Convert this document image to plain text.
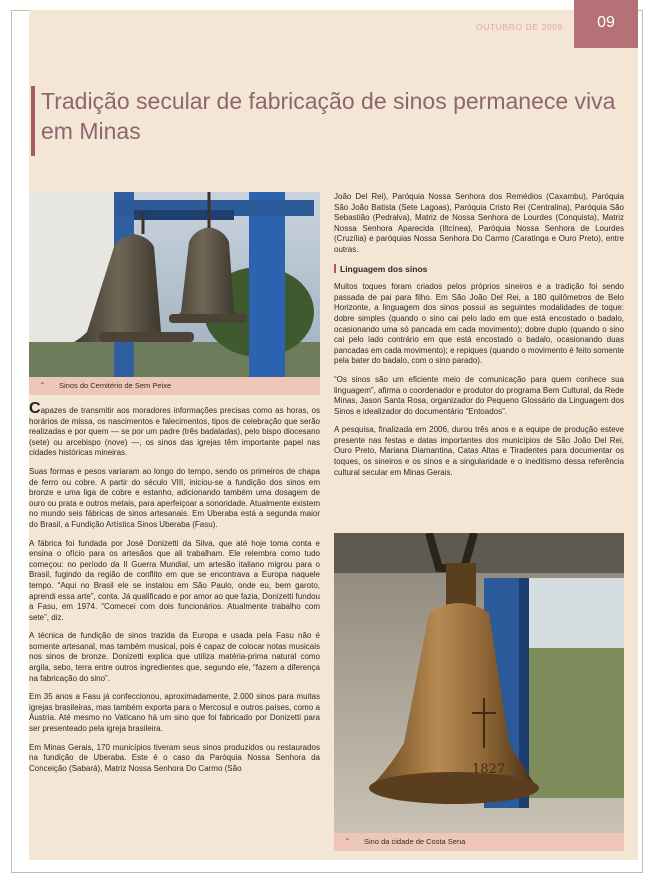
OUTUBRO DE 2009	09
Tradição secular de fabricação de sinos permanece viva em Minas
⌃ Sinos do Cemitério de Sem Peixe

Capazes de transmitir aos moradores informações precisas como as horas, os horários de missa, os nascimentos e falecimentos, tipos de celebração que serão realizadas e por quem — se por um padre (três badaladas), pelo bispo diocesano (sete) ou arcebispo (nove) —, os sinos das igrejas têm importante papel nas cidades históricas mineiras.

Suas formas e pesos variaram ao longo do tempo, sendo os primeiros de chapa de ferro ou cobre. A partir do século VIII, iniciou-se a fundição dos sinos em bronze e uma liga de cobre e estanho, adicionando também uma dosagem de ouro ou prata e outros metais, para aperfeiçoar a sonoridade. Atualmente existem no mundo seis fábricas de sinos artesanais. Em Uberaba está a segunda maior do Brasil, a Fundição Artística Sinos Uberaba (Fasu).

A fábrica foi fundada por José Donizetti da Silva, que até hoje toma conta e ensina o ofício para os artesãos que ali trabalham. Ele relembra como tudo começou: no período da II Guerra Mundial, um artesão italiano migrou para o Brasil, fugindo da região de conflito em que se encontrava a Europa naquele tempo. “Aqui no Brasil ele se instalou em São Paulo, onde eu, bem garoto, aprendi essa arte”, conta. Já qualificado e por amor ao que fazia, Donizetti fundou a Fasu, em 1974. “Comecei com dois funcionários. Atualmente trabalho com sete”, diz.

A técnica de fundição de sinos trazida da Europa e usada pela Fasu não é somente artesanal, mas também musical, pois é capaz de colocar notas musicais nos sinos de bronze. Donizetti explica que utiliza matéria-prima natural como argila, sebo, terra entre outros ingredientes que, segundo ele, “fazem a diferença na fabricação do sino”.

Em 35 anos a Fasu já confeccionou, aproximadamente, 2.000 sinos para muitas igrejas brasileiras, mas também exporta para o Mercosul e outros países, como a Áustria. Até mesmo no Vaticano há um sino que foi fabricado por Donizetti para ser presenteado pela igreja brasileira.

Em Minas Gerais, 170 municípios tiveram seus sinos produzidos ou restaurados na fundição de Uberaba. Este é o caso da Paróquia Nossa Senhora da Conceição (Sabará), Matriz Nossa Senhora Do Carmo (São

João Del Rei), Paróquia Nossa Senhora dos Remédios (Caxambu), Paróquia São João Batista (Sete Lagoas), Paróquia Cristo Rei (Centralina), Paróquia São Sebastião (Pedralva), Matriz de Nossa Senhora de Lourdes (Conquista), Matriz Nossa Senhora Aparecida (Iltcínea), Paróquia Nossa Senhora de Lourdes (Cruzília) e paróquias Nossa Senhora Do Carmo (Caratinga e Ouro Preto), entre outras.

Linguagem dos sinos

Muitos toques foram criados pelos próprios sineiros e a tradição foi sendo passada de pai para filho. Em São João Del Rei, a 180 quilômetros de Belo Horizonte, a linguagem dos sinos possui as seguintes modalidades de toque: dobre simples (quando o sino cai pelo lado em que está encostado o badalo, ocasionando uma só pancada em cada movimento); dobre duplo (quando o sino cai pelo lado contrário em que está encostado o badalo, ocasionando duas pancadas em cada movimento); e repiques (quando o movimento é feito somente pela bater do badalo, com o sino parado).

“Os sinos são um eficiente meio de comunicação para quem conhece sua linguagem”, afirma o coordenador e produtor do programa Bem Cultural, da Rede Minas, Jason Santa Rosa, organizador do Pequeno Glossário da Linguagem dos Sinos e idealizador do documentário “Entoados”.

A pesquisa, finalizada em 2006, durou três anos e a equipe de produção esteve presente nas festas e datas importantes dos municípios de São João Del Rei, Ouro Preto, Mariana Diamantina, Catas Altas e Tiradentes para documentar os toques, os sineiros e os sinos e a singularidade e o ineditismo dessa referência cultural secular em Minas Gerais.

1827
⌃ Sino da cidade de Costa Sena
